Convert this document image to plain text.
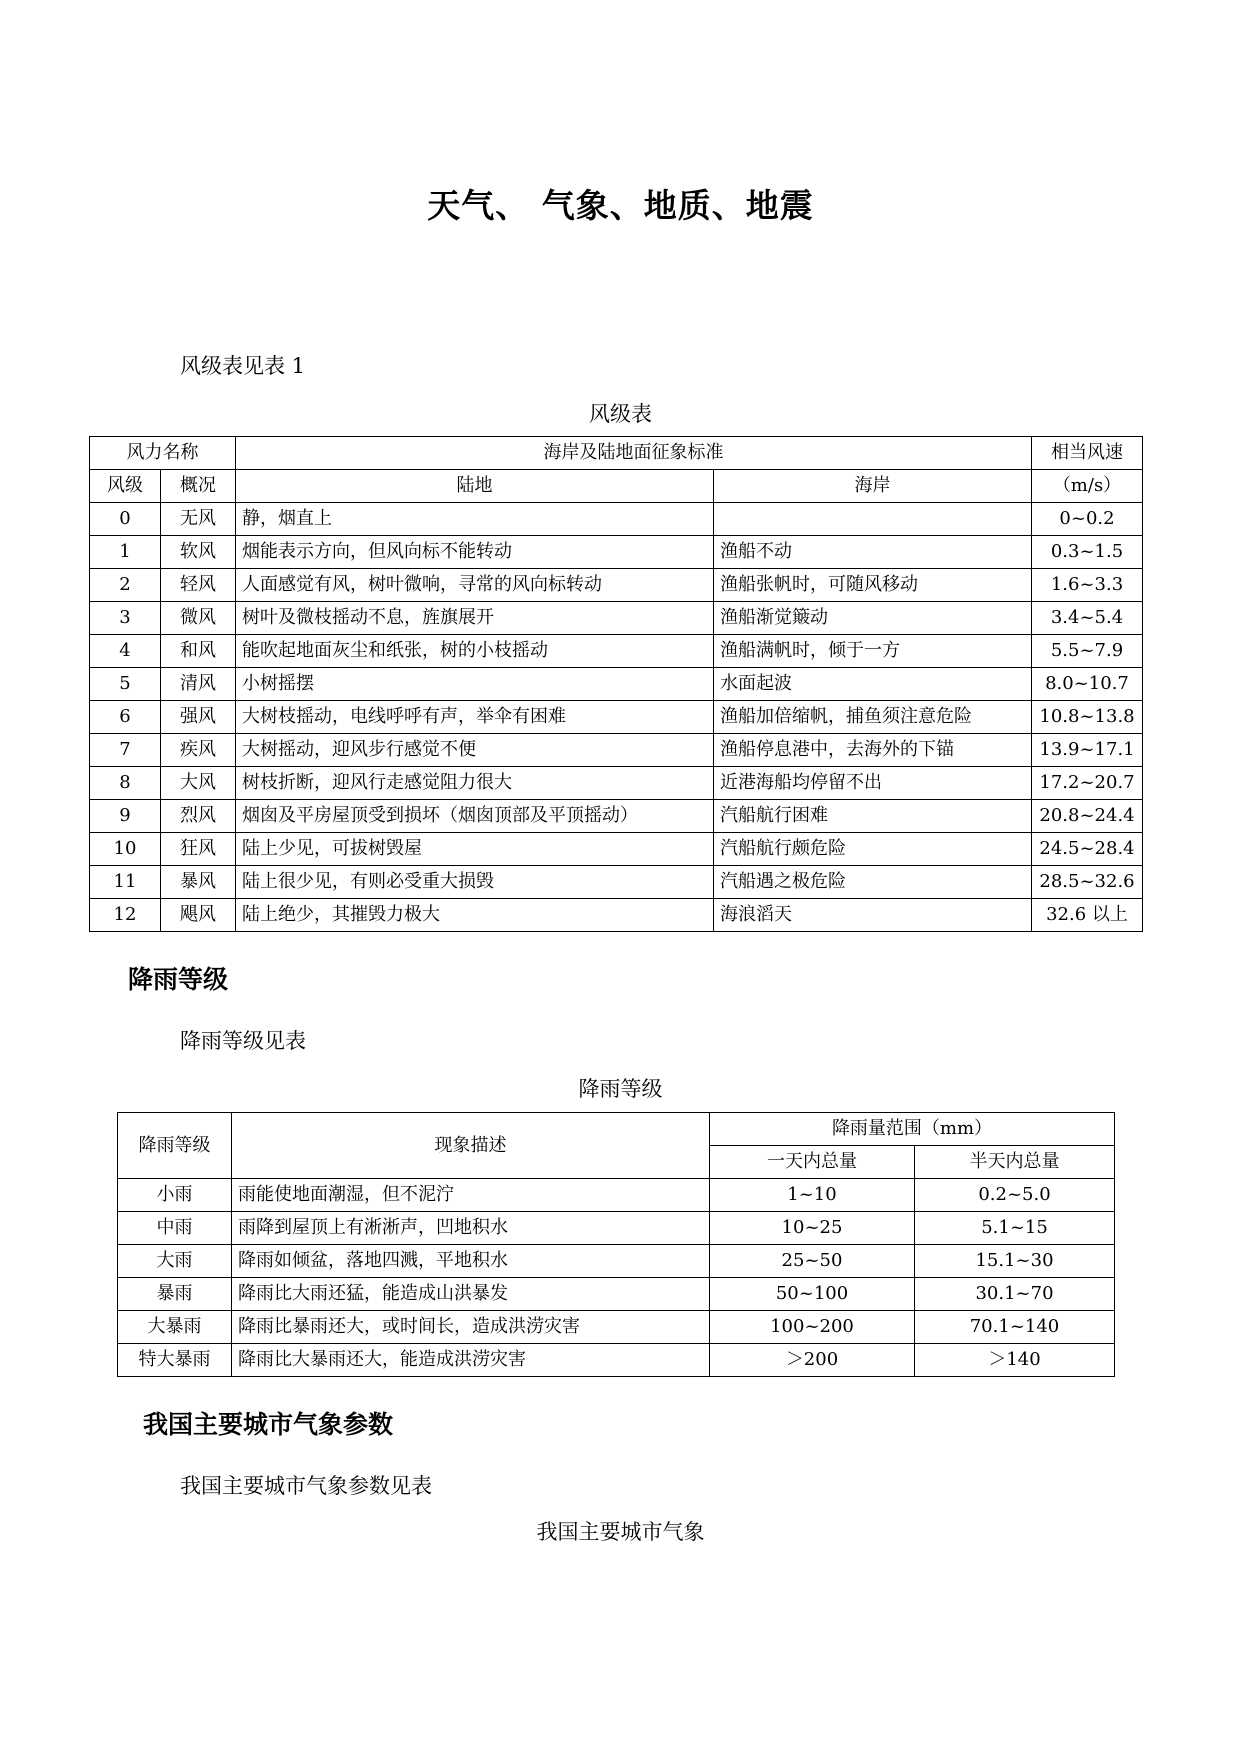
天气、 气象、地质、地震
风级表见表 1
风级表
风力名称		海岸及陆地面征象标准		相当风速
风级	概况	陆地	海岸	（m/s）
0	无风	静，烟直上		0~0.2
1	软风	烟能表示方向，但风向标不能转动	渔船不动	0.3~1.5
2	轻风	人面感觉有风，树叶微响，寻常的风向标转动	渔船张帆时，可随风移动	1.6~3.3
3	微风	树叶及微枝摇动不息，旌旗展开	渔船渐觉簸动	3.4~5.4
4	和风	能吹起地面灰尘和纸张，树的小枝摇动	渔船满帆时，倾于一方	5.5~7.9
5	清风	小树摇摆	水面起波	8.0~10.7
6	强风	大树枝摇动，电线呼呼有声，举伞有困难	渔船加倍缩帆，捕鱼须注意危险	10.8~13.8
7	疾风	大树摇动，迎风步行感觉不便	渔船停息港中，去海外的下锚	13.9~17.1
8	大风	树枝折断，迎风行走感觉阻力很大	近港海船均停留不出	17.2~20.7
9	烈风	烟囱及平房屋顶受到损坏（烟囱顶部及平顶摇动）	汽船航行困难	20.8~24.4
10	狂风	陆上少见，可拔树毁屋	汽船航行颇危险	24.5~28.4
11	暴风	陆上很少见，有则必受重大损毁	汽船遇之极危险	28.5~32.6
12	飓风	陆上绝少，其摧毁力极大	海浪滔天	32.6 以上
降雨等级
降雨等级见表
降雨等级
降雨等级	现象描述	降雨量范围（mm）	
		一天内总量	半天内总量
小雨	雨能使地面潮湿，但不泥泞	1~10	0.2~5.0
中雨	雨降到屋顶上有淅淅声，凹地积水	10~25	5.1~15
大雨	降雨如倾盆，落地四溅，平地积水	25~50	15.1~30
暴雨	降雨比大雨还猛，能造成山洪暴发	50~100	30.1~70
大暴雨	降雨比暴雨还大，或时间长，造成洪涝灾害	100~200	70.1~140
特大暴雨	降雨比大暴雨还大，能造成洪涝灾害	＞200	＞140
我国主要城市气象参数
我国主要城市气象参数见表
我国主要城市气象
